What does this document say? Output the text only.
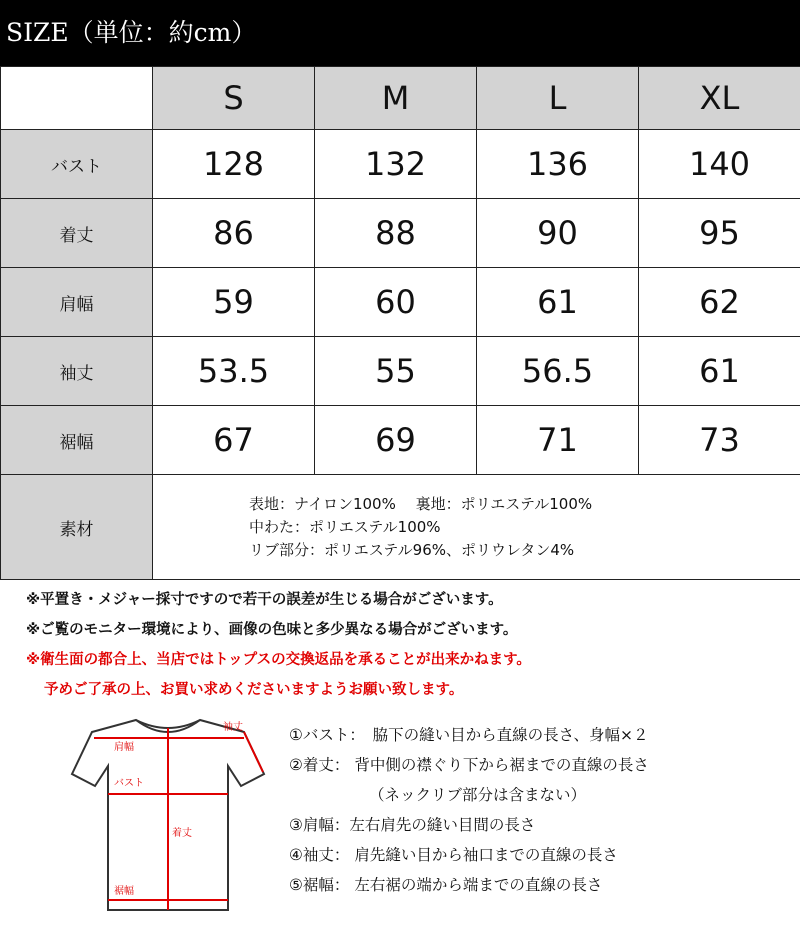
SIZE（単位：約cm）
	S	M	L	XL
バスト	128	132	136	140
着丈	86	88	90	95
肩幅	59	60	61	62
袖丈	53.5	55	56.5	61
裾幅	67	69	71	73
素材	表地：ナイロン100%　 裏地：ポリエステル100%
中わた：ポリエステル100%
リブ部分：ポリエステル96%、ポリウレタン4%			
※平置き・メジャー採寸ですので若干の誤差が生じる場合がございます。
※ご覧のモニター環境により、画像の色味と多少異なる場合がございます。
※衛生面の都合上、当店ではトップスの交換返品を承ることが出来かねます。
予めご了承の上、お買い求めくださいますようお願い致します。
袖丈
肩幅
バスト
着丈
裾幅
①バスト：　脇下の縫い目から直線の長さ、身幅×２
②着丈： 背中側の襟ぐり下から裾までの直線の長さ
（ネックリブ部分は含まない）
③肩幅：左右肩先の縫い目間の長さ
④袖丈： 肩先縫い目から袖口までの直線の長さ
⑤裾幅： 左右裾の端から端までの直線の長さ
